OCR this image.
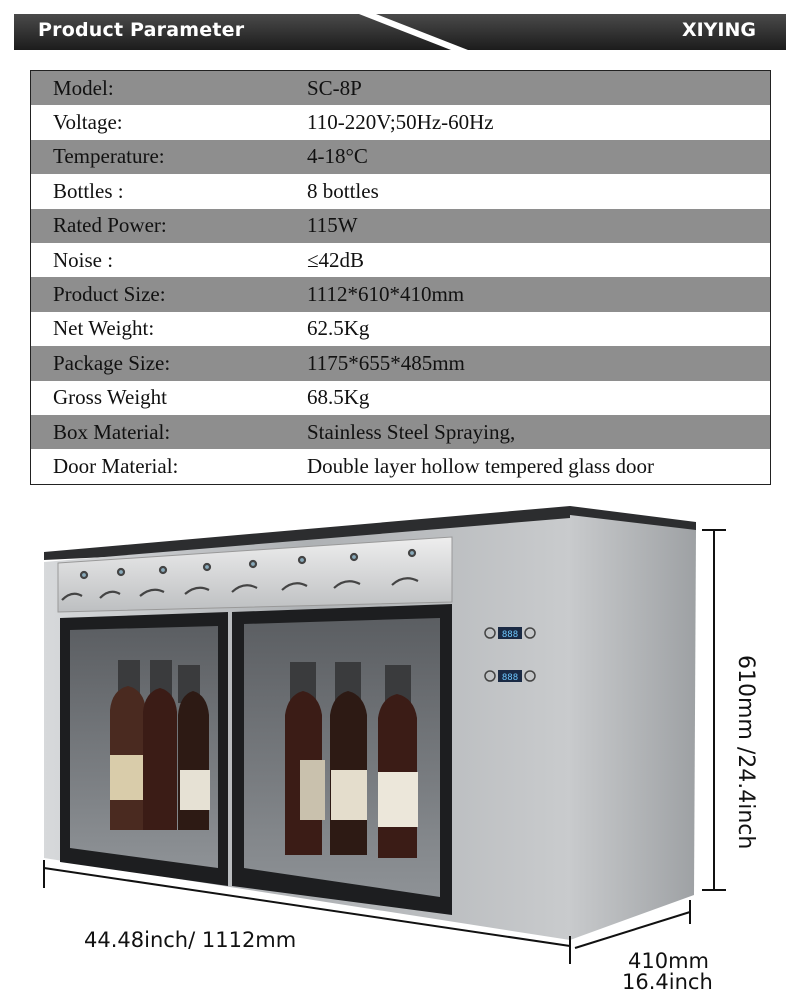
Product Parameter	XIYING
Model:	SC-8P
Voltage:	110-220V;50Hz-60Hz
Temperature:	4-18°C
Bottles :	8 bottles
Rated Power:	115W
Noise :	≤42dB
Product Size:	1112*610*410mm
Net Weight:	62.5Kg
Package Size:	1175*655*485mm
Gross Weight	68.5Kg
Box Material:	Stainless Steel Spraying,
Door Material:	Double layer hollow tempered glass door
888
888
44.48inch/ 1112mm
610mm /24.4inch
410mm
16.4inch
